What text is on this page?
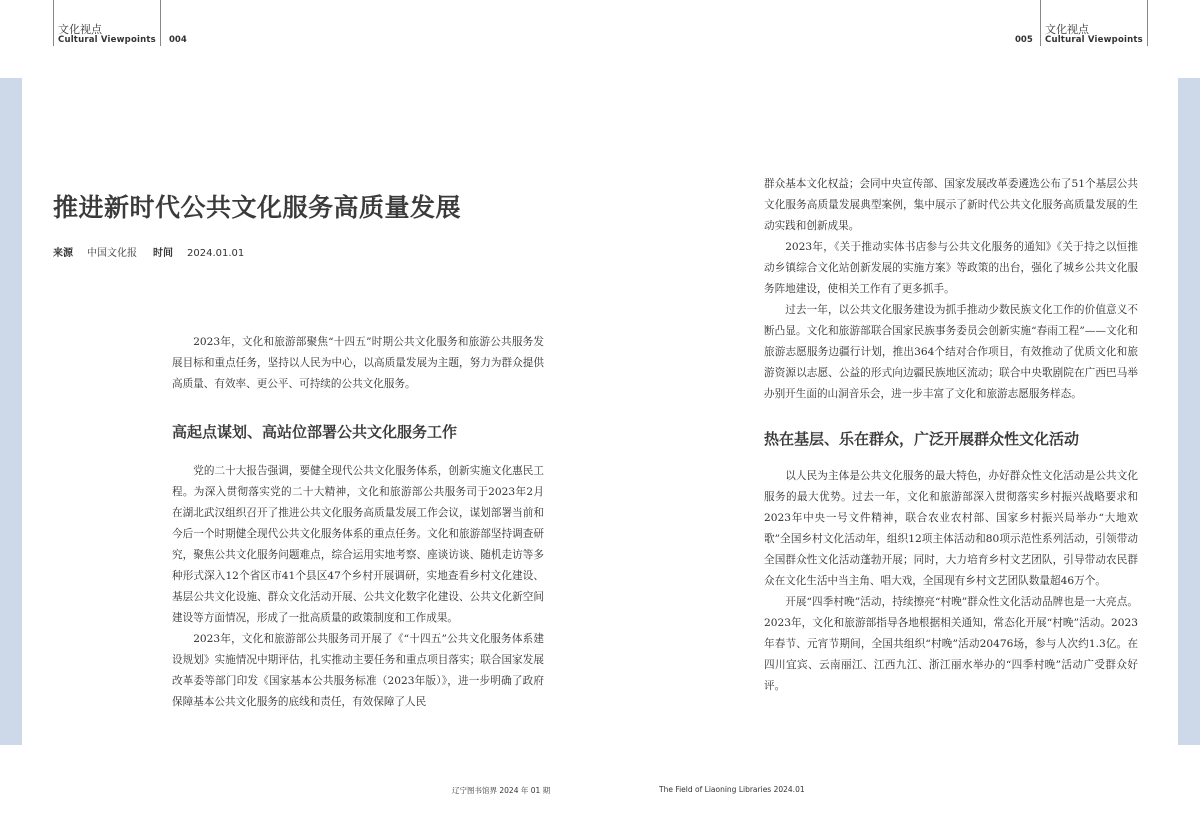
文化视点
Cultural Viewpoints 004	005
文化视点
Cultural Viewpoints
推进新时代公共文化服务高质量发展
来源 中国文化报 时间 2024.01.01

2023年，文化和旅游部聚焦“十四五”时期公共文化服务和旅游公共服务发展目标和重点任务，坚持以人民为中心，以高质量发展为主题，努力为群众提供高质量、有效率、更公平、可持续的公共文化服务。

高起点谋划、高站位部署公共文化服务工作

党的二十大报告强调，要健全现代公共文化服务体系，创新实施文化惠民工程。为深入贯彻落实党的二十大精神，文化和旅游部公共服务司于2023年2月在湖北武汉组织召开了推进公共文化服务高质量发展工作会议，谋划部署当前和今后一个时期健全现代公共文化服务体系的重点任务。文化和旅游部坚持调查研究，聚焦公共文化服务问题难点，综合运用实地考察、座谈访谈、随机走访等多种形式深入12个省区市41个县区47个乡村开展调研，实地查看乡村文化建设、基层公共文化设施、群众文化活动开展、公共文化数字化建设、公共文化新空间建设等方面情况，形成了一批高质量的政策制度和工作成果。

2023年，文化和旅游部公共服务司开展了《“十四五”公共文化服务体系建设规划》实施情况中期评估，扎实推动主要任务和重点项目落实；联合国家发展改革委等部门印发《国家基本公共服务标准（2023年版）》，进一步明确了政府保障基本公共文化服务的底线和责任，有效保障了人民

群众基本文化权益；会同中央宣传部、国家发展改革委遴选公布了51个基层公共文化服务高质量发展典型案例，集中展示了新时代公共文化服务高质量发展的生动实践和创新成果。

2023年，《关于推动实体书店参与公共文化服务的通知》《关于持之以恒推动乡镇综合文化站创新发展的实施方案》等政策的出台，强化了城乡公共文化服务阵地建设，使相关工作有了更多抓手。

过去一年，以公共文化服务建设为抓手推动少数民族文化工作的价值意义不断凸显。文化和旅游部联合国家民族事务委员会创新实施“春雨工程”——文化和旅游志愿服务边疆行计划，推出364个结对合作项目，有效推动了优质文化和旅游资源以志愿、公益的形式向边疆民族地区流动；联合中央歌剧院在广西巴马举办别开生面的山洞音乐会，进一步丰富了文化和旅游志愿服务样态。

热在基层、乐在群众，广泛开展群众性文化活动

以人民为主体是公共文化服务的最大特色，办好群众性文化活动是公共文化服务的最大优势。过去一年，文化和旅游部深入贯彻落实乡村振兴战略要求和2023年中央一号文件精神，联合农业农村部、国家乡村振兴局举办“大地欢歌”全国乡村文化活动年，组织12项主体活动和80项示范性系列活动，引领带动全国群众性文化活动蓬勃开展；同时，大力培育乡村文艺团队，引导带动农民群众在文化生活中当主角、唱大戏，全国现有乡村文艺团队数量超46万个。

开展“四季村晚”活动，持续擦亮“村晚”群众性文化活动品牌也是一大亮点。2023年，文化和旅游部指导各地根据相关通知，常态化开展“村晚”活动。2023年春节、元宵节期间，全国共组织“村晚”活动20476场，参与人次约1.3亿。在四川宜宾、云南丽江、江西九江、浙江丽水举办的“四季村晚”活动广受群众好评。

辽宁图书馆界 2024 年 01 期	The Field of Liaoning Libraries 2024.01
